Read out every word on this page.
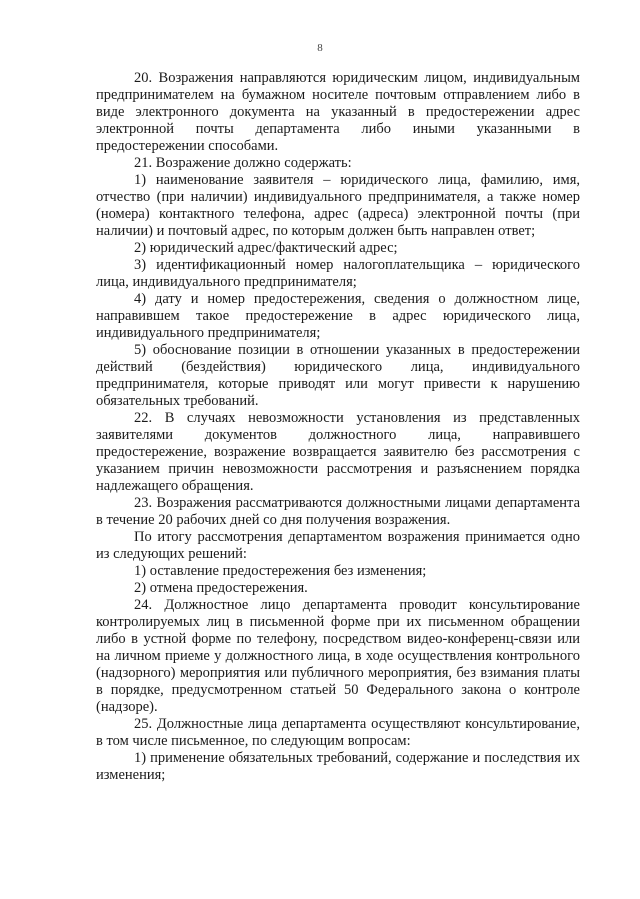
8

20. Возражения направляются юридическим лицом, индивидуальным предпринимателем на бумажном носителе почтовым отправлением либо в виде электронного документа на указанный в предостережении адрес электронной почты департамента либо иными указанными в предостережении способами.

21. Возражение должно содержать:

1) наименование заявителя – юридического лица, фамилию, имя, отчество (при наличии) индивидуального предпринимателя, а также номер (номера) контактного телефона, адрес (адреса) электронной почты (при наличии) и почтовый адрес, по которым должен быть направлен ответ;

2) юридический адрес/фактический адрес;

3) идентификационный номер налогоплательщика – юридического лица, индивидуального предпринимателя;

4) дату и номер предостережения, сведения о должностном лице, направившем такое предостережение в адрес юридического лица, индивидуального предпринимателя;

5) обоснование позиции в отношении указанных в предостережении действий (бездействия) юридического лица, индивидуального предпринимателя, которые приводят или могут привести к нарушению обязательных требований.

22. В случаях невозможности установления из представленных заявителями документов должностного лица, направившего предостережение, возражение возвращается заявителю без рассмотрения с указанием причин невозможности рассмотрения и разъяснением порядка надлежащего обращения.

23. Возражения рассматриваются должностными лицами департамента в течение 20 рабочих дней со дня получения возражения.

По итогу рассмотрения департаментом возражения принимается одно из следующих решений:

1) оставление предостережения без изменения;

2) отмена предостережения.

24. Должностное лицо департамента проводит консультирование контролируемых лиц в письменной форме при их письменном обращении либо в устной форме по телефону, посредством видео-конференц-связи или на личном приеме у должностного лица, в ходе осуществления контрольного (надзорного) мероприятия или публичного мероприятия, без взимания платы в порядке, предусмотренном статьей 50 Федерального закона о контроле (надзоре).

25. Должностные лица департамента осуществляют консультирование, в том числе письменное, по следующим вопросам:

1) применение обязательных требований, содержание и последствия их изменения;
